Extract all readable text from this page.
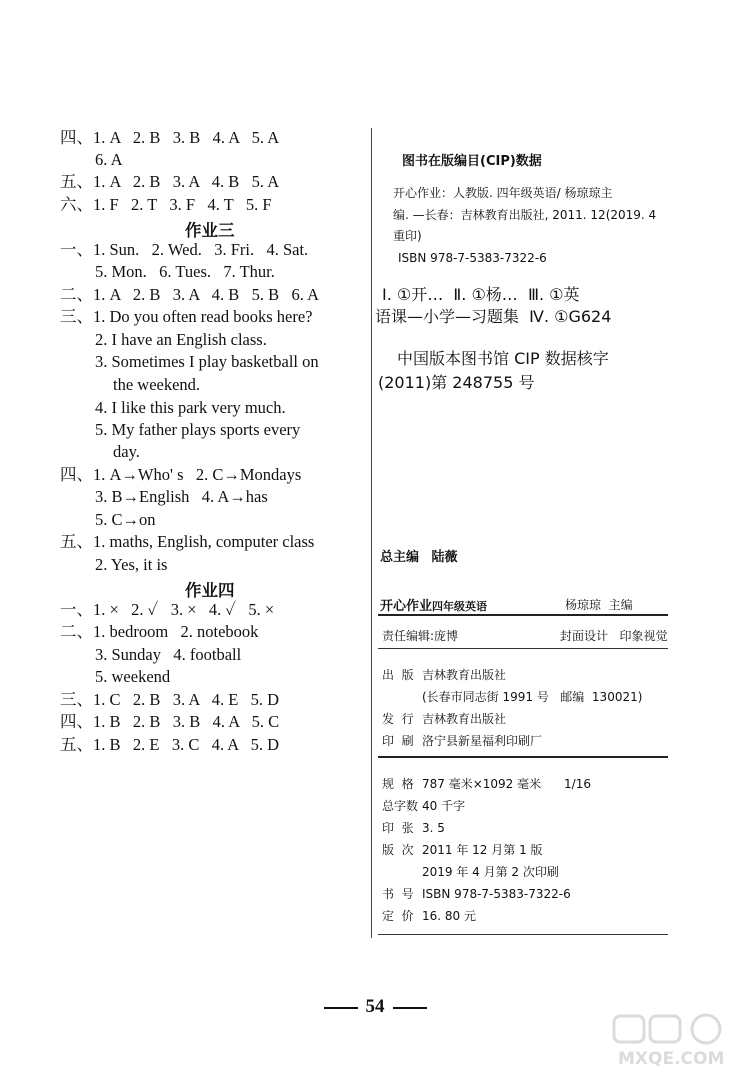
四、1. A   2. B   3. B   4. A   5. A
6. A
五、1. A   2. B   3. A   4. B   5. A
六、1. F   2. T   3. F   4. T   5. F
作业三
一、1. Sun.   2. Wed.   3. Fri.   4. Sat.
5. Mon.   6. Tues.   7. Thur.
二、1. A   2. B   3. A   4. B   5. B   6. A
三、1. Do you often read books here?
2. I have an English class.
3. Sometimes I play basketball on
the weekend.
4. I like this park very much.
5. My father plays sports every
day.
四、1. A→Who' s   2. C→Mondays
3. B→English   4. A→has
5. C→on
五、1. maths, English, computer class
2. Yes, it is
作业四
一、1. ×   2. ✓   3. ×   4. ✓   5. ×
二、1. bedroom   2. notebook
3. Sunday   4. football
5. weekend
三、1. C   2. B   3. A   4. E   5. D
四、1. B   2. B   3. B   4. A   5. C
五、1. B   2. E   3. C   4. A   5. D
图书在版编目(CIP)数据
开心作业：人教版. 四年级英语/ 杨琼琼主
编. —长春：吉林教育出版社, 2011. 12(2019. 4
重印)
ISBN 978-7-5383-7322-6
Ⅰ. ①开…  Ⅱ. ①杨…  Ⅲ. ①英
语课—小学—习题集  Ⅳ. ①G624
中国版本图书馆 CIP 数据核字
(2011)第 248755 号
总主编 陆薇
开心作业四年级英语	杨琼琼  主编
责任编辑:庞博	封面设计   印象视觉
出  版 吉林教育出版社
(长春市同志街 1991 号   邮编  130021)
发  行 吉林教育出版社
印  刷 洛宁县新星福利印刷厂
规  格 787 毫米×1092 毫米      1/16
总字数 40 千字
印  张 3. 5
版  次 2011 年 12 月第 1 版
2019 年 4 月第 2 次印刷
书  号 ISBN 978-7-5383-7322-6
定  价 16. 80 元
54
MXQE.COM
